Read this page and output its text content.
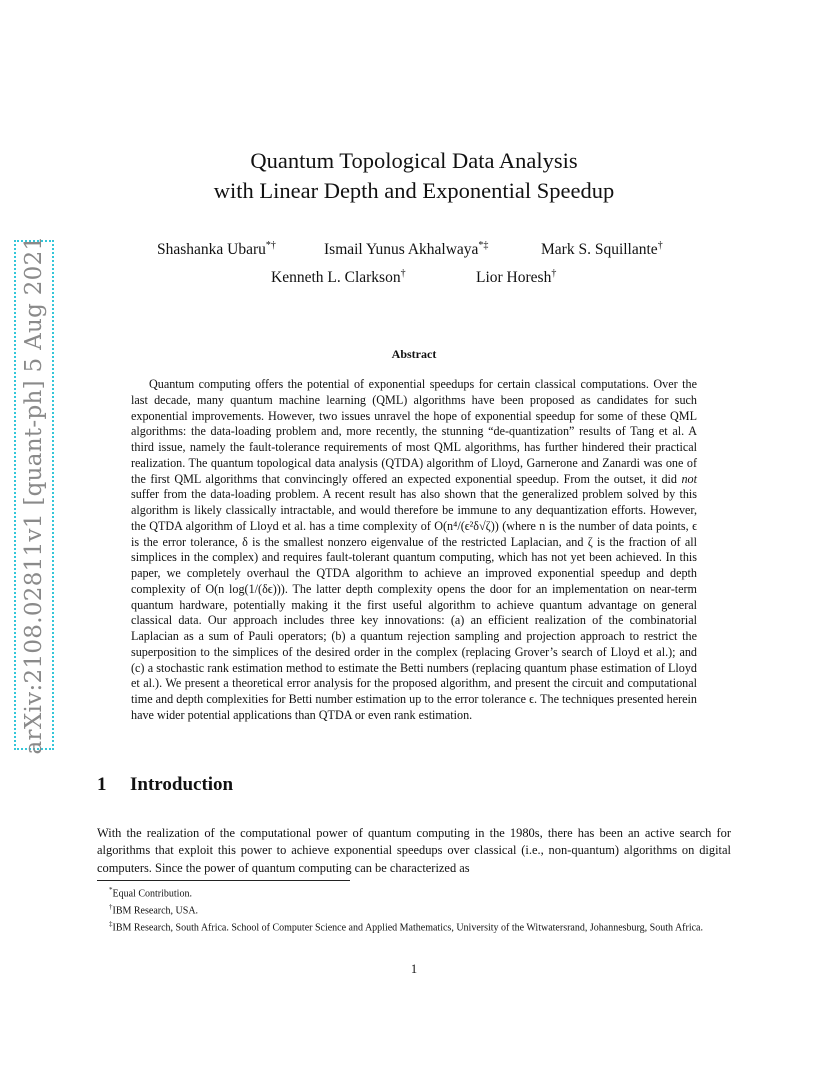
arXiv:2108.02811v1 [quant-ph] 5 Aug 2021
Quantum Topological Data Analysis
with Linear Depth and Exponential Speedup
Shashanka Ubaru*†	Ismail Yunus Akhalwaya*‡	Mark S. Squillante†
Kenneth L. Clarkson†	Lior Horesh†
Abstract

Quantum computing offers the potential of exponential speedups for certain classical computations. Over the last decade, many quantum machine learning (QML) algorithms have been proposed as candidates for such exponential improvements. However, two issues unravel the hope of exponential speedup for some of these QML algorithms: the data-loading problem and, more recently, the stunning “de-quantization” results of Tang et al. A third issue, namely the fault-tolerance requirements of most QML algorithms, has further hindered their practical realization. The quantum topological data analysis (QTDA) algorithm of Lloyd, Garnerone and Zanardi was one of the first QML algorithms that convincingly offered an expected exponential speedup. From the outset, it did not suffer from the data-loading problem. A recent result has also shown that the generalized problem solved by this algorithm is likely classically intractable, and would therefore be immune to any dequantization efforts. However, the QTDA algorithm of Lloyd et al. has a time complexity of O(n⁴/(ϵ²δ√ζ)) (where n is the number of data points, ϵ is the error tolerance, δ is the smallest nonzero eigenvalue of the restricted Laplacian, and ζ is the fraction of all simplices in the complex) and requires fault-tolerant quantum computing, which has not yet been achieved. In this paper, we completely overhaul the QTDA algorithm to achieve an improved exponential speedup and depth complexity of O(n log(1/(δϵ))). The latter depth complexity opens the door for an implementation on near-term quantum hardware, potentially making it the first useful algorithm to achieve quantum advantage on general classical data. Our approach includes three key innovations: (a) an efficient realization of the combinatorial Laplacian as a sum of Pauli operators; (b) a quantum rejection sampling and projection approach to restrict the superposition to the simplices of the desired order in the complex (replacing Grover’s search of Lloyd et al.); and (c) a stochastic rank estimation method to estimate the Betti numbers (replacing quantum phase estimation of Lloyd et al.). We present a theoretical error analysis for the proposed algorithm, and present the circuit and computational time and depth complexities for Betti number estimation up to the error tolerance ϵ. The techniques presented herein have wider potential applications than QTDA or even rank estimation.

1 Introduction

With the realization of the computational power of quantum computing in the 1980s, there has been an active search for algorithms that exploit this power to achieve exponential speedups over classical (i.e., non-quantum) algorithms on digital computers. Since the power of quantum computing can be characterized as

*Equal Contribution.

†IBM Research, USA.

‡IBM Research, South Africa. School of Computer Science and Applied Mathematics, University of the Witwatersrand, Johannesburg, South Africa.

1
